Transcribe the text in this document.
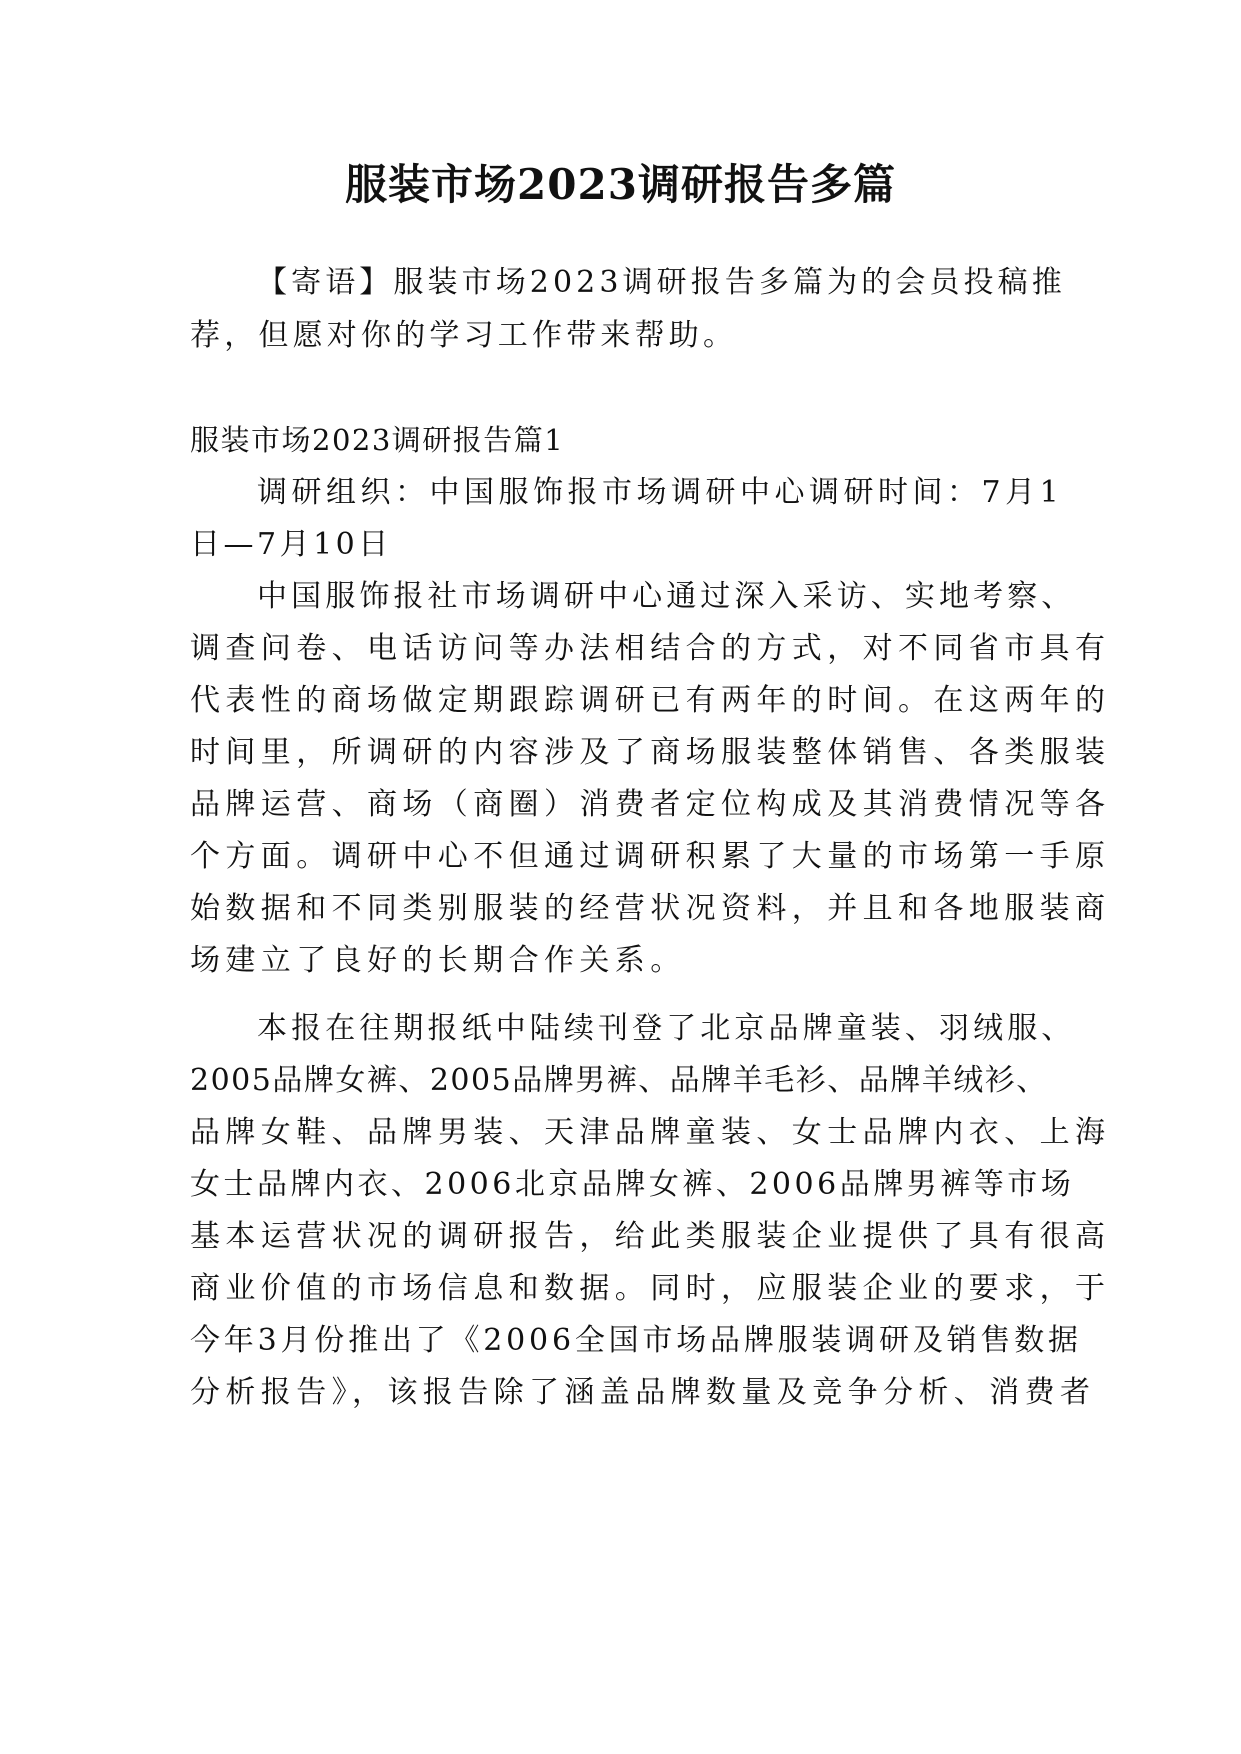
服装市场2023调研报告多篇
【寄语】服装市场2023调研报告多篇为的会员投稿推
荐，但愿对你的学习工作带来帮助。
服装市场2023调研报告篇1
调研组织：中国服饰报市场调研中心调研时间：7月1
日—7月10日
中国服饰报社市场调研中心通过深入采访、实地考察、
调查问卷、电话访问等办法相结合的方式，对不同省市具有
代表性的商场做定期跟踪调研已有两年的时间。在这两年的
时间里，所调研的内容涉及了商场服装整体销售、各类服装
品牌运营、商场（商圈）消费者定位构成及其消费情况等各
个方面。调研中心不但通过调研积累了大量的市场第一手原
始数据和不同类别服装的经营状况资料，并且和各地服装商
场建立了良好的长期合作关系。
本报在往期报纸中陆续刊登了北京品牌童装、羽绒服、
2005品牌女裤、2005品牌男裤、品牌羊毛衫、品牌羊绒衫、
品牌女鞋、品牌男装、天津品牌童装、女士品牌内衣、上海
女士品牌内衣、2006北京品牌女裤、2006品牌男裤等市场
基本运营状况的调研报告，给此类服装企业提供了具有很高
商业价值的市场信息和数据。同时，应服装企业的要求，于
今年3月份推出了《2006全国市场品牌服装调研及销售数据
分析报告》，该报告除了涵盖品牌数量及竞争分析、消费者
